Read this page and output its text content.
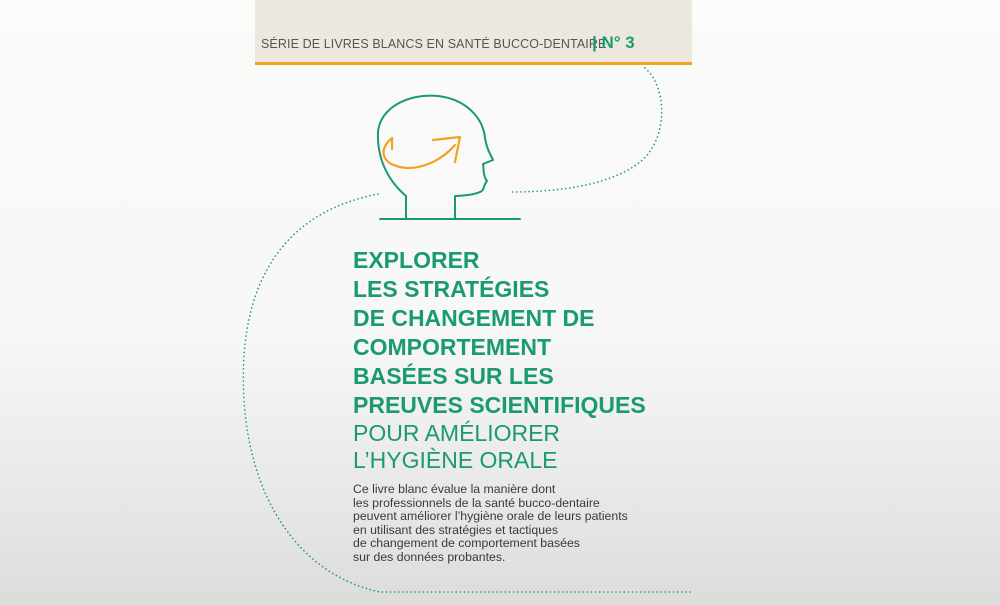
SÉRIE DE LIVRES BLANCS EN SANTÉ BUCCO-DENTAIRE
| N° 3
EXPLORER
LES STRATÉGIES
DE CHANGEMENT DE
COMPORTEMENT
BASÉES SUR LES
PREUVES SCIENTIFIQUES
POUR AMÉLIORER
L’HYGIÈNE ORALE
Ce livre blanc évalue la manière dont
les professionnels de la santé bucco-dentaire
peuvent améliorer l’hygiène orale de leurs patients
en utilisant des stratégies et tactiques
de changement de comportement basées
sur des données probantes.
